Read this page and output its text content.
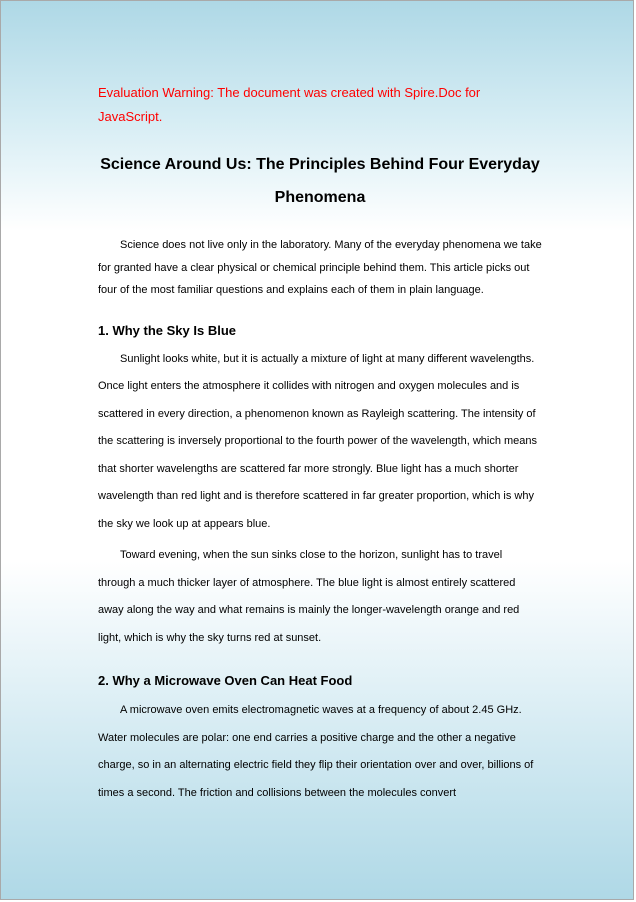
Evaluation Warning: The document was created with Spire.Doc for JavaScript.

Science Around Us: The Principles Behind Four Everyday Phenomena

Science does not live only in the laboratory. Many of the everyday phenomena we take for granted have a clear physical or chemical principle behind them. This article picks out four of the most familiar questions and explains each of them in plain language.

1. Why the Sky Is Blue

Sunlight looks white, but it is actually a mixture of light at many different wavelengths. Once light enters the atmosphere it collides with nitrogen and oxygen molecules and is scattered in every direction, a phenomenon known as Rayleigh scattering. The intensity of the scattering is inversely proportional to the fourth power of the wavelength, which means that shorter wavelengths are scattered far more strongly. Blue light has a much shorter wavelength than red light and is therefore scattered in far greater proportion, which is why the sky we look up at appears blue.

Toward evening, when the sun sinks close to the horizon, sunlight has to travel through a much thicker layer of atmosphere. The blue light is almost entirely scattered away along the way and what remains is mainly the longer-wavelength orange and red light, which is why the sky turns red at sunset.

2. Why a Microwave Oven Can Heat Food

A microwave oven emits electromagnetic waves at a frequency of about 2.45 GHz. Water molecules are polar: one end carries a positive charge and the other a negative charge, so in an alternating electric field they flip their orientation over and over, billions of times a second. The friction and collisions between the molecules convert
